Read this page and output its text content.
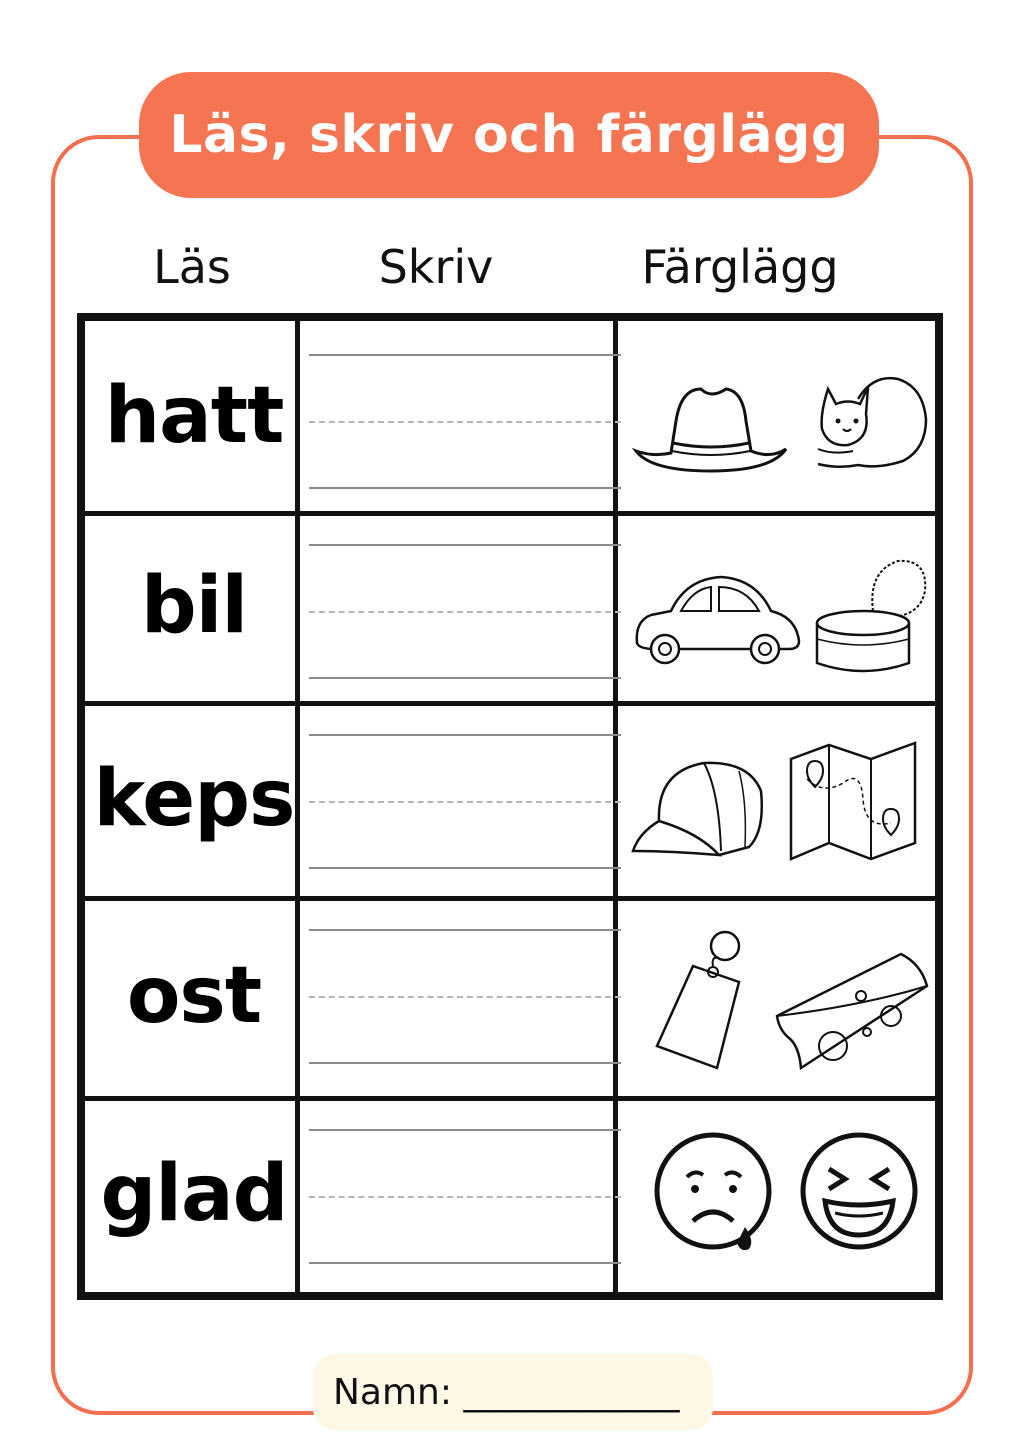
Läs, skriv och färglägg
Läs	Skriv	Färglägg
hatt
bil
keps
ost
glad
Namn:
____________
